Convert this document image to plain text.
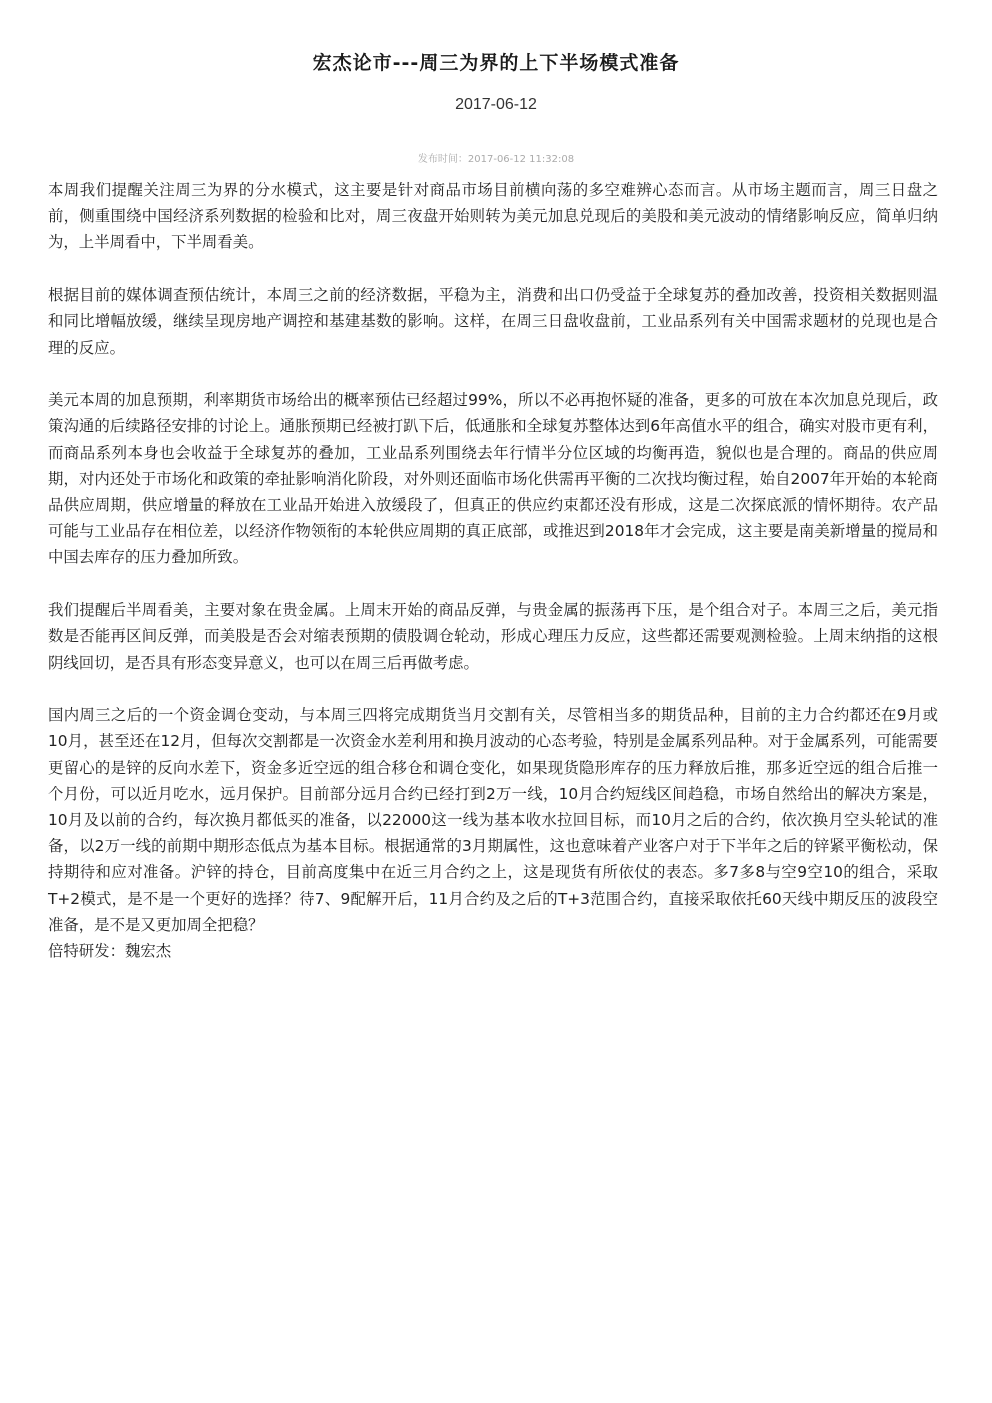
宏杰论市---周三为界的上下半场模式准备
2017-06-12
发布时间：2017-06-12 11:32:08

本周我们提醒关注周三为界的分水模式，这主要是针对商品市场目前横向荡的多空难辨心态而言。从市场主题而言，周三日盘之前，侧重围绕中国经济系列数据的检验和比对，周三夜盘开始则转为美元加息兑现后的美股和美元波动的情绪影响反应，简单归纳为，上半周看中，下半周看美。

根据目前的媒体调查预估统计，本周三之前的经济数据，平稳为主，消费和出口仍受益于全球复苏的叠加改善，投资相关数据则温和同比增幅放缓，继续呈现房地产调控和基建基数的影响。这样，在周三日盘收盘前，工业品系列有关中国需求题材的兑现也是合理的反应。

美元本周的加息预期，利率期货市场给出的概率预估已经超过99%，所以不必再抱怀疑的准备，更多的可放在本次加息兑现后，政策沟通的后续路径安排的讨论上。通胀预期已经被打趴下后，低通胀和全球复苏整体达到6年高值水平的组合，确实对股市更有利，而商品系列本身也会收益于全球复苏的叠加，工业品系列围绕去年行情半分位区域的均衡再造，貌似也是合理的。商品的供应周期，对内还处于市场化和政策的牵扯影响消化阶段，对外则还面临市场化供需再平衡的二次找均衡过程，始自2007年开始的本轮商品供应周期，供应增量的释放在工业品开始进入放缓段了，但真正的供应约束都还没有形成，这是二次探底派的情怀期待。农产品可能与工业品存在相位差，以经济作物领衔的本轮供应周期的真正底部，或推迟到2018年才会完成，这主要是南美新增量的搅局和中国去库存的压力叠加所致。

我们提醒后半周看美，主要对象在贵金属。上周末开始的商品反弹，与贵金属的振荡再下压，是个组合对子。本周三之后，美元指数是否能再区间反弹，而美股是否会对缩表预期的债股调仓轮动，形成心理压力反应，这些都还需要观测检验。上周末纳指的这根阴线回切，是否具有形态变异意义，也可以在周三后再做考虑。

国内周三之后的一个资金调仓变动，与本周三四将完成期货当月交割有关，尽管相当多的期货品种，目前的主力合约都还在9月或10月，甚至还在12月，但每次交割都是一次资金水差利用和换月波动的心态考验，特别是金属系列品种。对于金属系列，可能需要更留心的是锌的反向水差下，资金多近空远的组合移仓和调仓变化，如果现货隐形库存的压力释放后推，那多近空远的组合后推一个月份，可以近月吃水，远月保护。目前部分远月合约已经打到2万一线，10月合约短线区间趋稳，市场自然给出的解决方案是，10月及以前的合约，每次换月都低买的准备，以22000这一线为基本收水拉回目标，而10月之后的合约，依次换月空头轮试的准备，以2万一线的前期中期形态低点为基本目标。根据通常的3月期属性，这也意味着产业客户对于下半年之后的锌紧平衡松动，保持期待和应对准备。沪锌的持仓，目前高度集中在近三月合约之上，这是现货有所依仗的表态。多7多8与空9空10的组合，采取T+2模式，是不是一个更好的选择？待7、9配解开后，11月合约及之后的T+3范围合约，直接采取依托60天线中期反压的波段空准备，是不是又更加周全把稳？

倍特研发：魏宏杰
